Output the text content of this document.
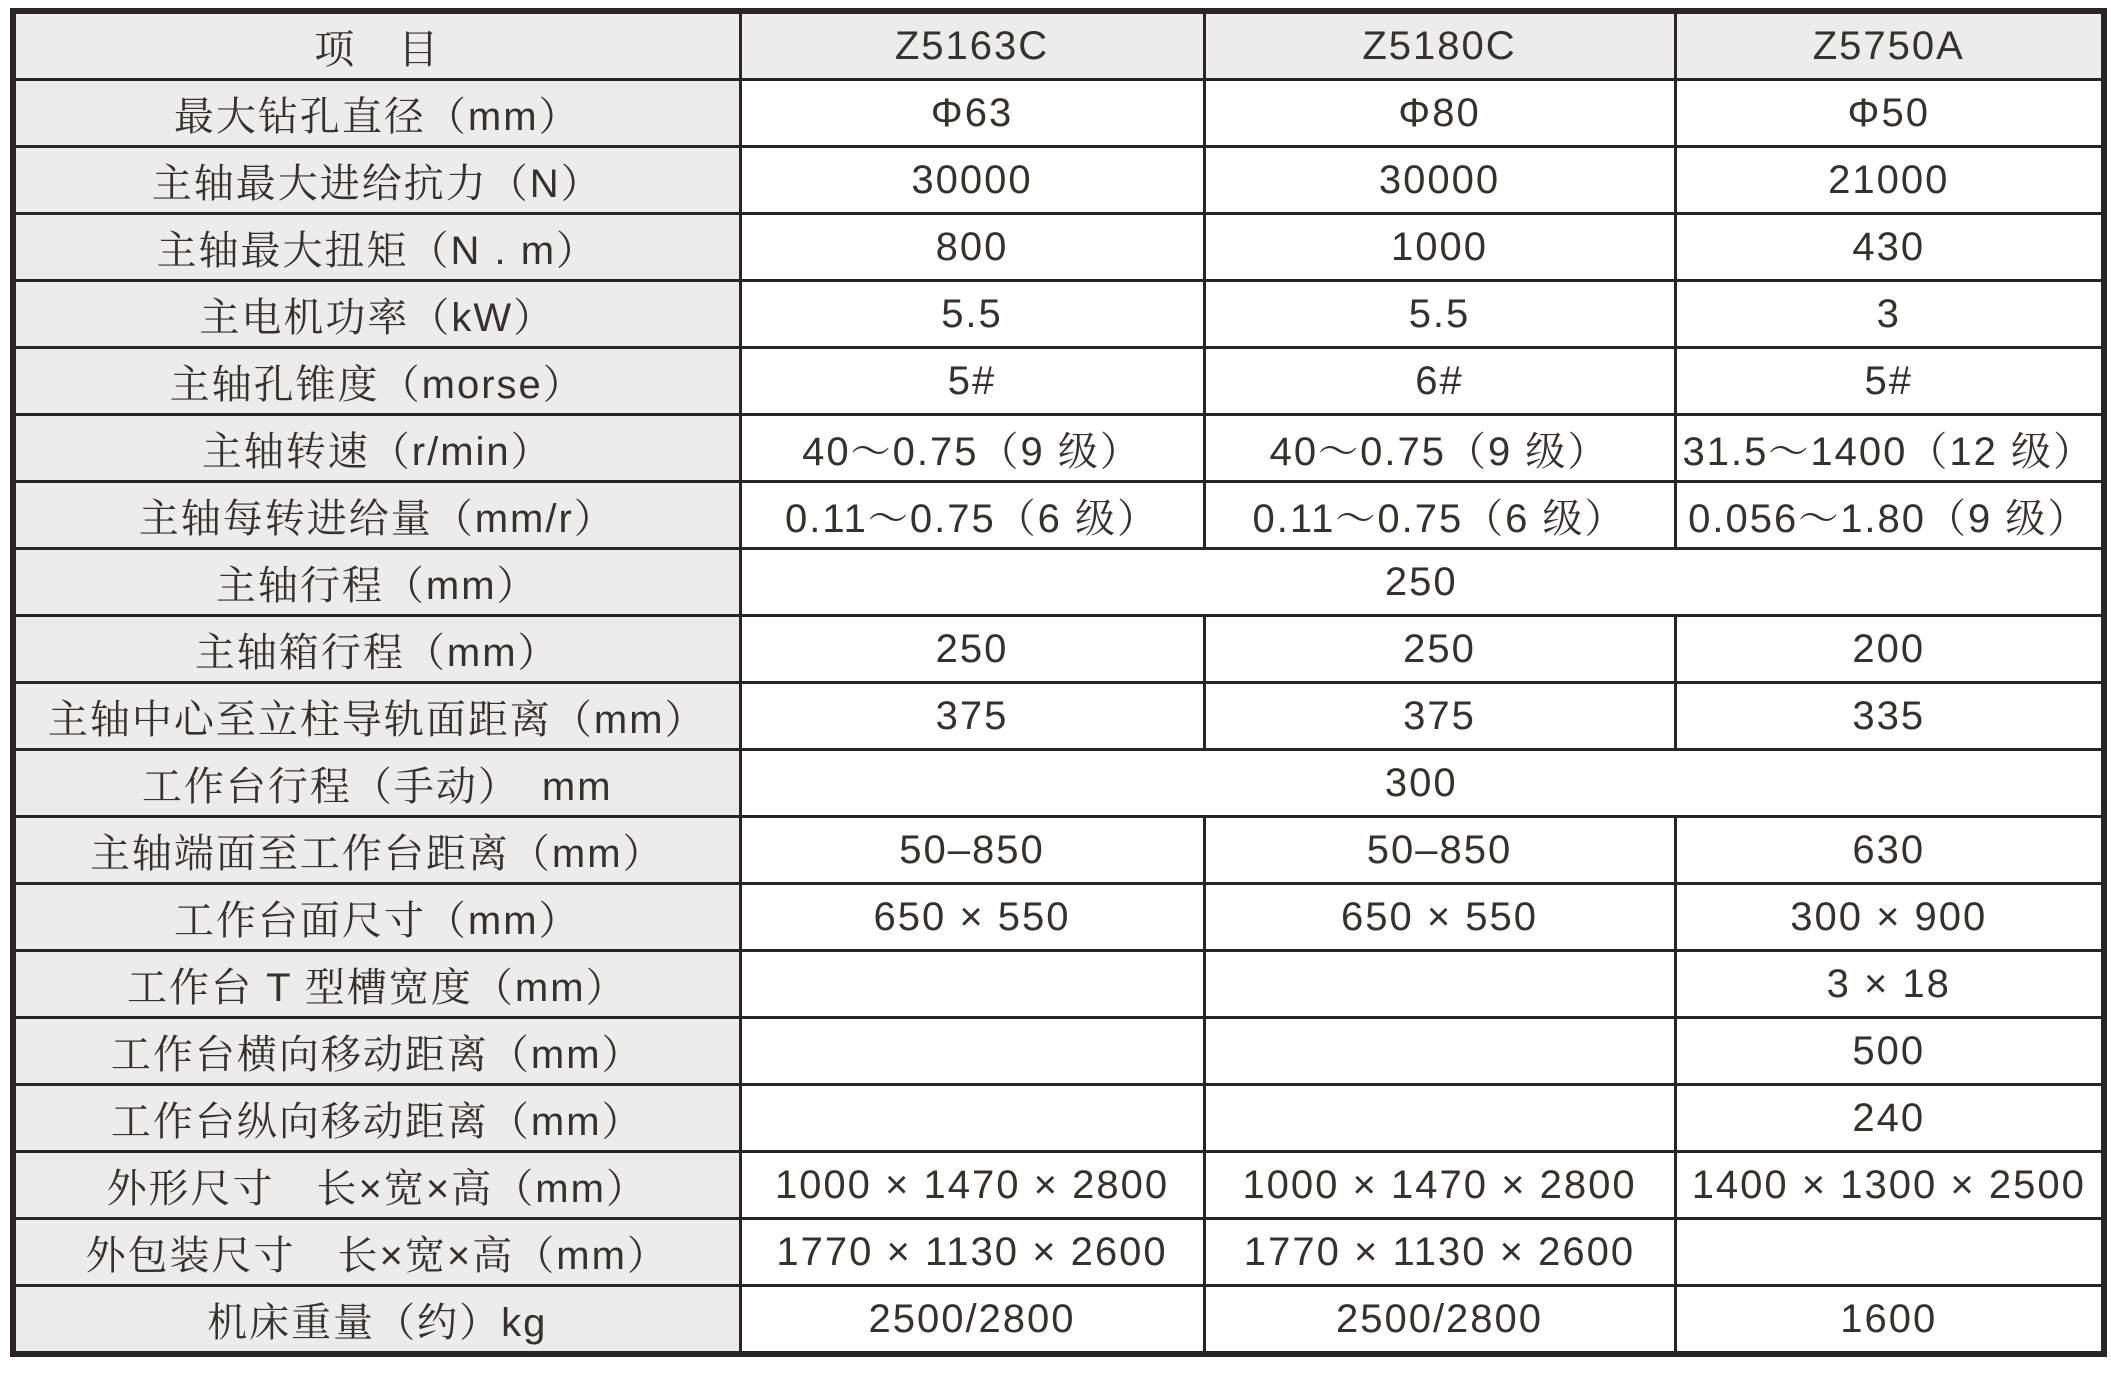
项　目	Z5163C	Z5180C	Z5750A
最大钻孔直径（mm）	Φ63	Φ80	Φ50
主轴最大进给抗力（N）	30000	30000	21000
主轴最大扭矩（N . m）	800	1000	430
主电机功率（kW）	5.5	5.5	3
主轴孔锥度（morse）	5#	6#	5#
主轴转速（r/min）	40～0.75（9 级）	40～0.75（9 级）	31.5～1400（12 级）
主轴每转进给量（mm/r）	0.11～0.75（6 级）	0.11～0.75（6 级）	0.056～1.80（9 级）
主轴行程（mm）	250		
主轴箱行程（mm）	250	250	200
主轴中心至立柱导轨面距离（mm）	375	375	335
工作台行程（手动）　mm	300		
主轴端面至工作台距离（mm）	50–850	50–850	630
工作台面尺寸（mm）	650 × 550	650 × 550	300 × 900
工作台 T 型槽宽度（mm）			3 × 18
工作台横向移动距离（mm）			500
工作台纵向移动距离（mm）			240
外形尺寸　长×宽×高（mm）	1000 × 1470 × 2800	1000 × 1470 × 2800	1400 × 1300 × 2500
外包装尺寸　长×宽×高（mm）	1770 × 1130 × 2600	1770 × 1130 × 2600	
机床重量（约）kg	2500/2800	2500/2800	1600
